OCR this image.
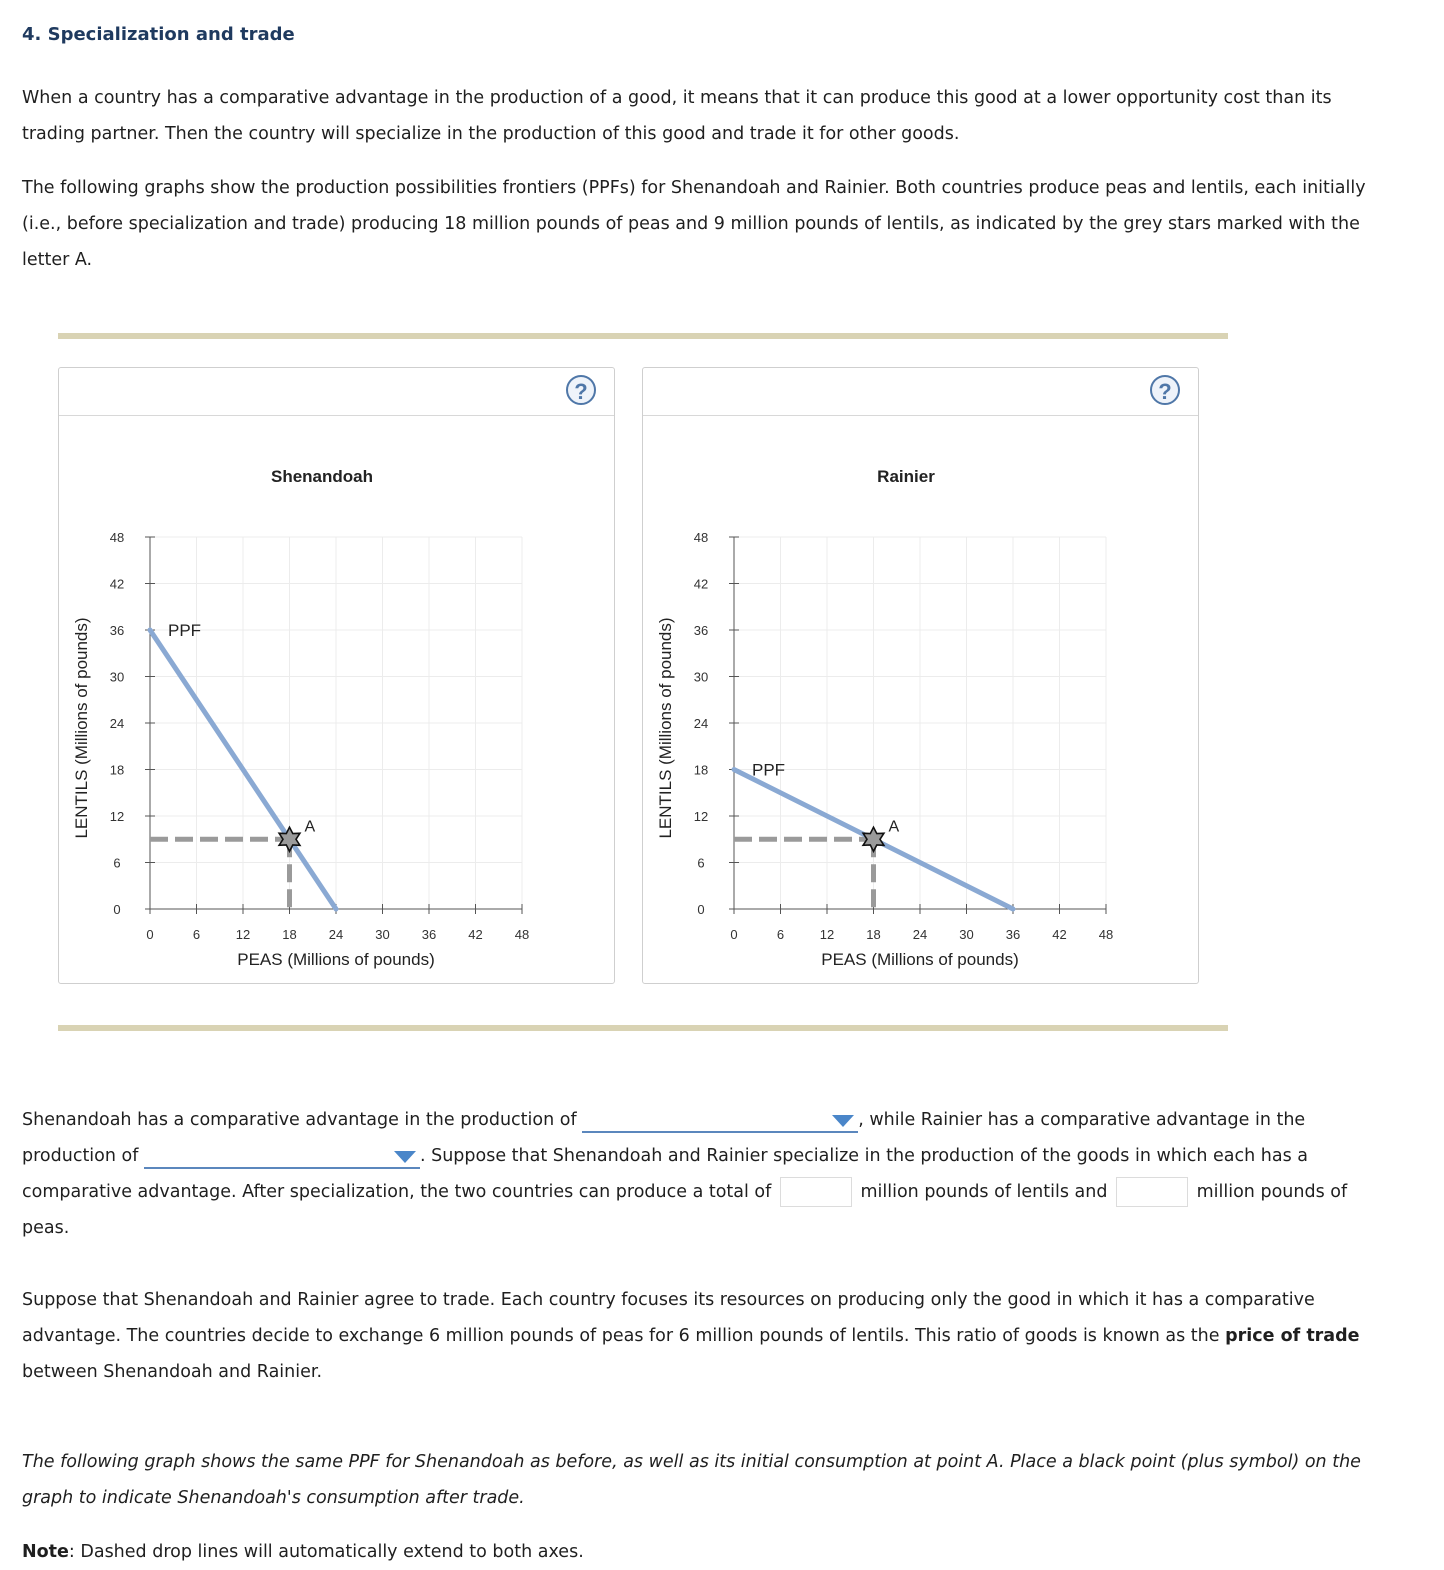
4. Specialization and trade

When a country has a comparative advantage in the production of a good, it means that it can produce this good at a lower opportunity cost than its trading partner. Then the country will specialize in the production of this good and trade it for other goods.

The following graphs show the production possibilities frontiers (PPFs) for Shenandoah and Rainier. Both countries produce peas and lentils, each initially (i.e., before specialization and trade) producing 18 million pounds of peas and 9 million pounds of lentils, as indicated by the grey stars marked with the letter A.

?
Shenandoah
0	6	12 18 24 30 36 42 48
0
6
12
18
24
30
36
42
48
PEAS (Millions of pounds)
LENTILS (Millions of pounds)	PPF
A
?
Rainier
0	6	12 18 24 30 36 42 48
0
6
12
18
24
30
36
42
48
PEAS (Millions of pounds)
LENTILS (Millions of pounds)	PPF
A

Shenandoah has a comparative advantage in the production of	, while Rainier has a comparative advantage in the production of	. Suppose that Shenandoah and Rainier specialize in the production of the goods in which each has a comparative advantage. After specialization, the two countries can produce a total of	million pounds of lentils and	million pounds of peas.

Suppose that Shenandoah and Rainier agree to trade. Each country focuses its resources on producing only the good in which it has a comparative advantage. The countries decide to exchange 6 million pounds of peas for 6 million pounds of lentils. This ratio of goods is known as the price of trade between Shenandoah and Rainier.

The following graph shows the same PPF for Shenandoah as before, as well as its initial consumption at point A. Place a black point (plus symbol) on the graph to indicate Shenandoah's consumption after trade.

Note: Dashed drop lines will automatically extend to both axes.
